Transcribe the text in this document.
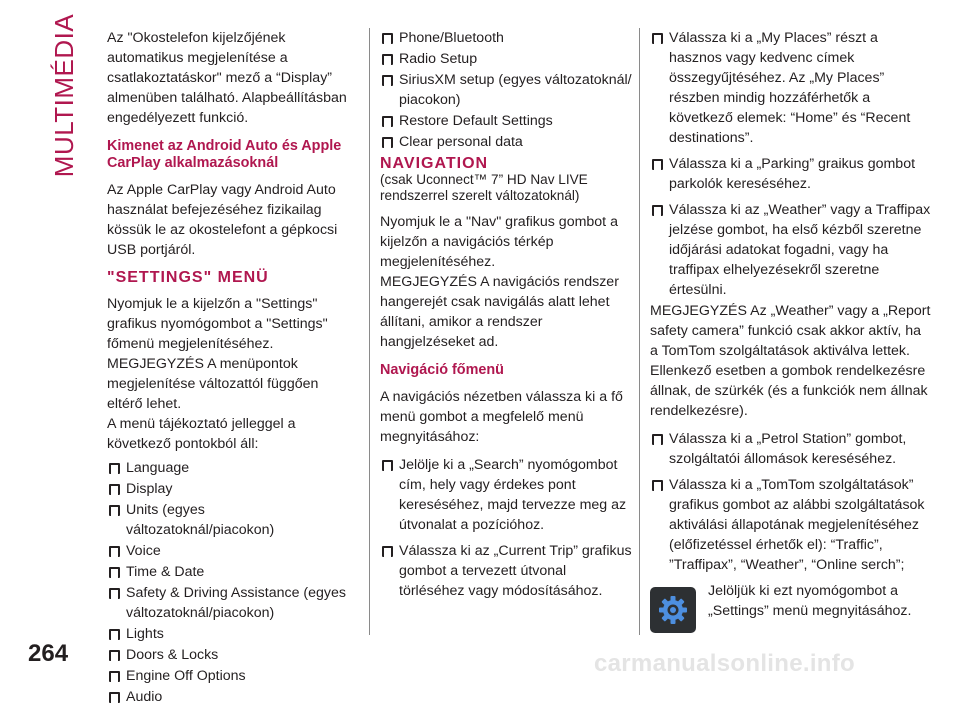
MULTIMÉDIA Az "Okostelefon kijelzőjének automatikus megjelenítése a csatlakoztatáskor" mező a “Display” almenüben található. Alapbeállításban engedélyezett funkció.

Kimenet az Android Auto és Apple CarPlay alkalmazásoknál

Az Apple CarPlay vagy Android Auto használat befejezéséhez fizikailag kössük le az okostelefont a gépkocsi USB portjáról.

"SETTINGS" MENÜ
Nyomjuk le a kijelzőn a "Settings" grafikus nyomógombot a "Settings" főmenü megjelenítéséhez.
MEGJEGYZÉS A menüpontok megjelenítése változattól függően eltérő lehet.
A menü tájékoztató jelleggel a következő pontokból áll:
Language
Display
Units (egyes változatoknál/piacokon)
Voice
Time & Date
Safety & Driving Assistance (egyes változatoknál/piacokon)
Lights
Doors & Locks
Engine Off Options
Audio
Phone/Bluetooth
Radio Setup
SiriusXM setup (egyes változatoknál/ piacokon)
Restore Default Settings
Clear personal data
NAVIGATION
(csak Uconnect™ 7” HD Nav LIVE rendszerrel szerelt változatoknál)
Nyomjuk le a "Nav" grafikus gombot a kijelzőn a navigációs térkép megjelenítéséhez.

MEGJEGYZÉS A navigációs rendszer hangerejét csak navigálás alatt lehet állítani, amikor a rendszer hangjelzéseket ad.

Navigáció főmenü

A navigációs nézetben válassza ki a fő menü gombot a megfelelő menü megnyitásához:

Jelölje ki a „Search” nyomógombot cím, hely vagy érdekes pont kereséséhez, majd tervezze meg az útvonalat a pozícióhoz.
Válassza ki az „Current Trip” grafikus gombot a tervezett útvonal törléséhez vagy módosításához.
Válassza ki a „My Places” részt a hasznos vagy kedvenc címek összegyűjtéséhez. Az „My Places” részben mindig hozzáférhetők a következő elemek: “Home” és “Recent destinations”.
Válassza ki a „Parking” graikus gombot parkolók kereséséhez.
Válassza ki az „Weather” vagy a Traffipax jelzése gombot, ha első kézből szeretne időjárási adatokat fogadni, vagy ha traffipax elhelyezésekről szeretne értesülni.

MEGJEGYZÉS Az „Weather” vagy a „Report safety camera” funkció csak akkor aktív, ha a TomTom szolgáltatások aktiválva lettek. Ellenkező esetben a gombok rendelkezésre állnak, de szürkék (és a funkciók nem állnak rendelkezésre).

Válassza ki a „Petrol Station” gombot, szolgáltatói állomások kereséséhez.
Válassza ki a „TomTom szolgáltatások” grafikus gombot az alábbi szolgáltatások aktiválási állapotának megjelenítéséhez (előfizetéssel érhetők el): “Traffic”, ”Traffipax”, “Weather”, “Online serch”;
Jelöljük ki ezt nyomógombot a „Settings” menü megnyitásához.
264	carmanualsonline.info
